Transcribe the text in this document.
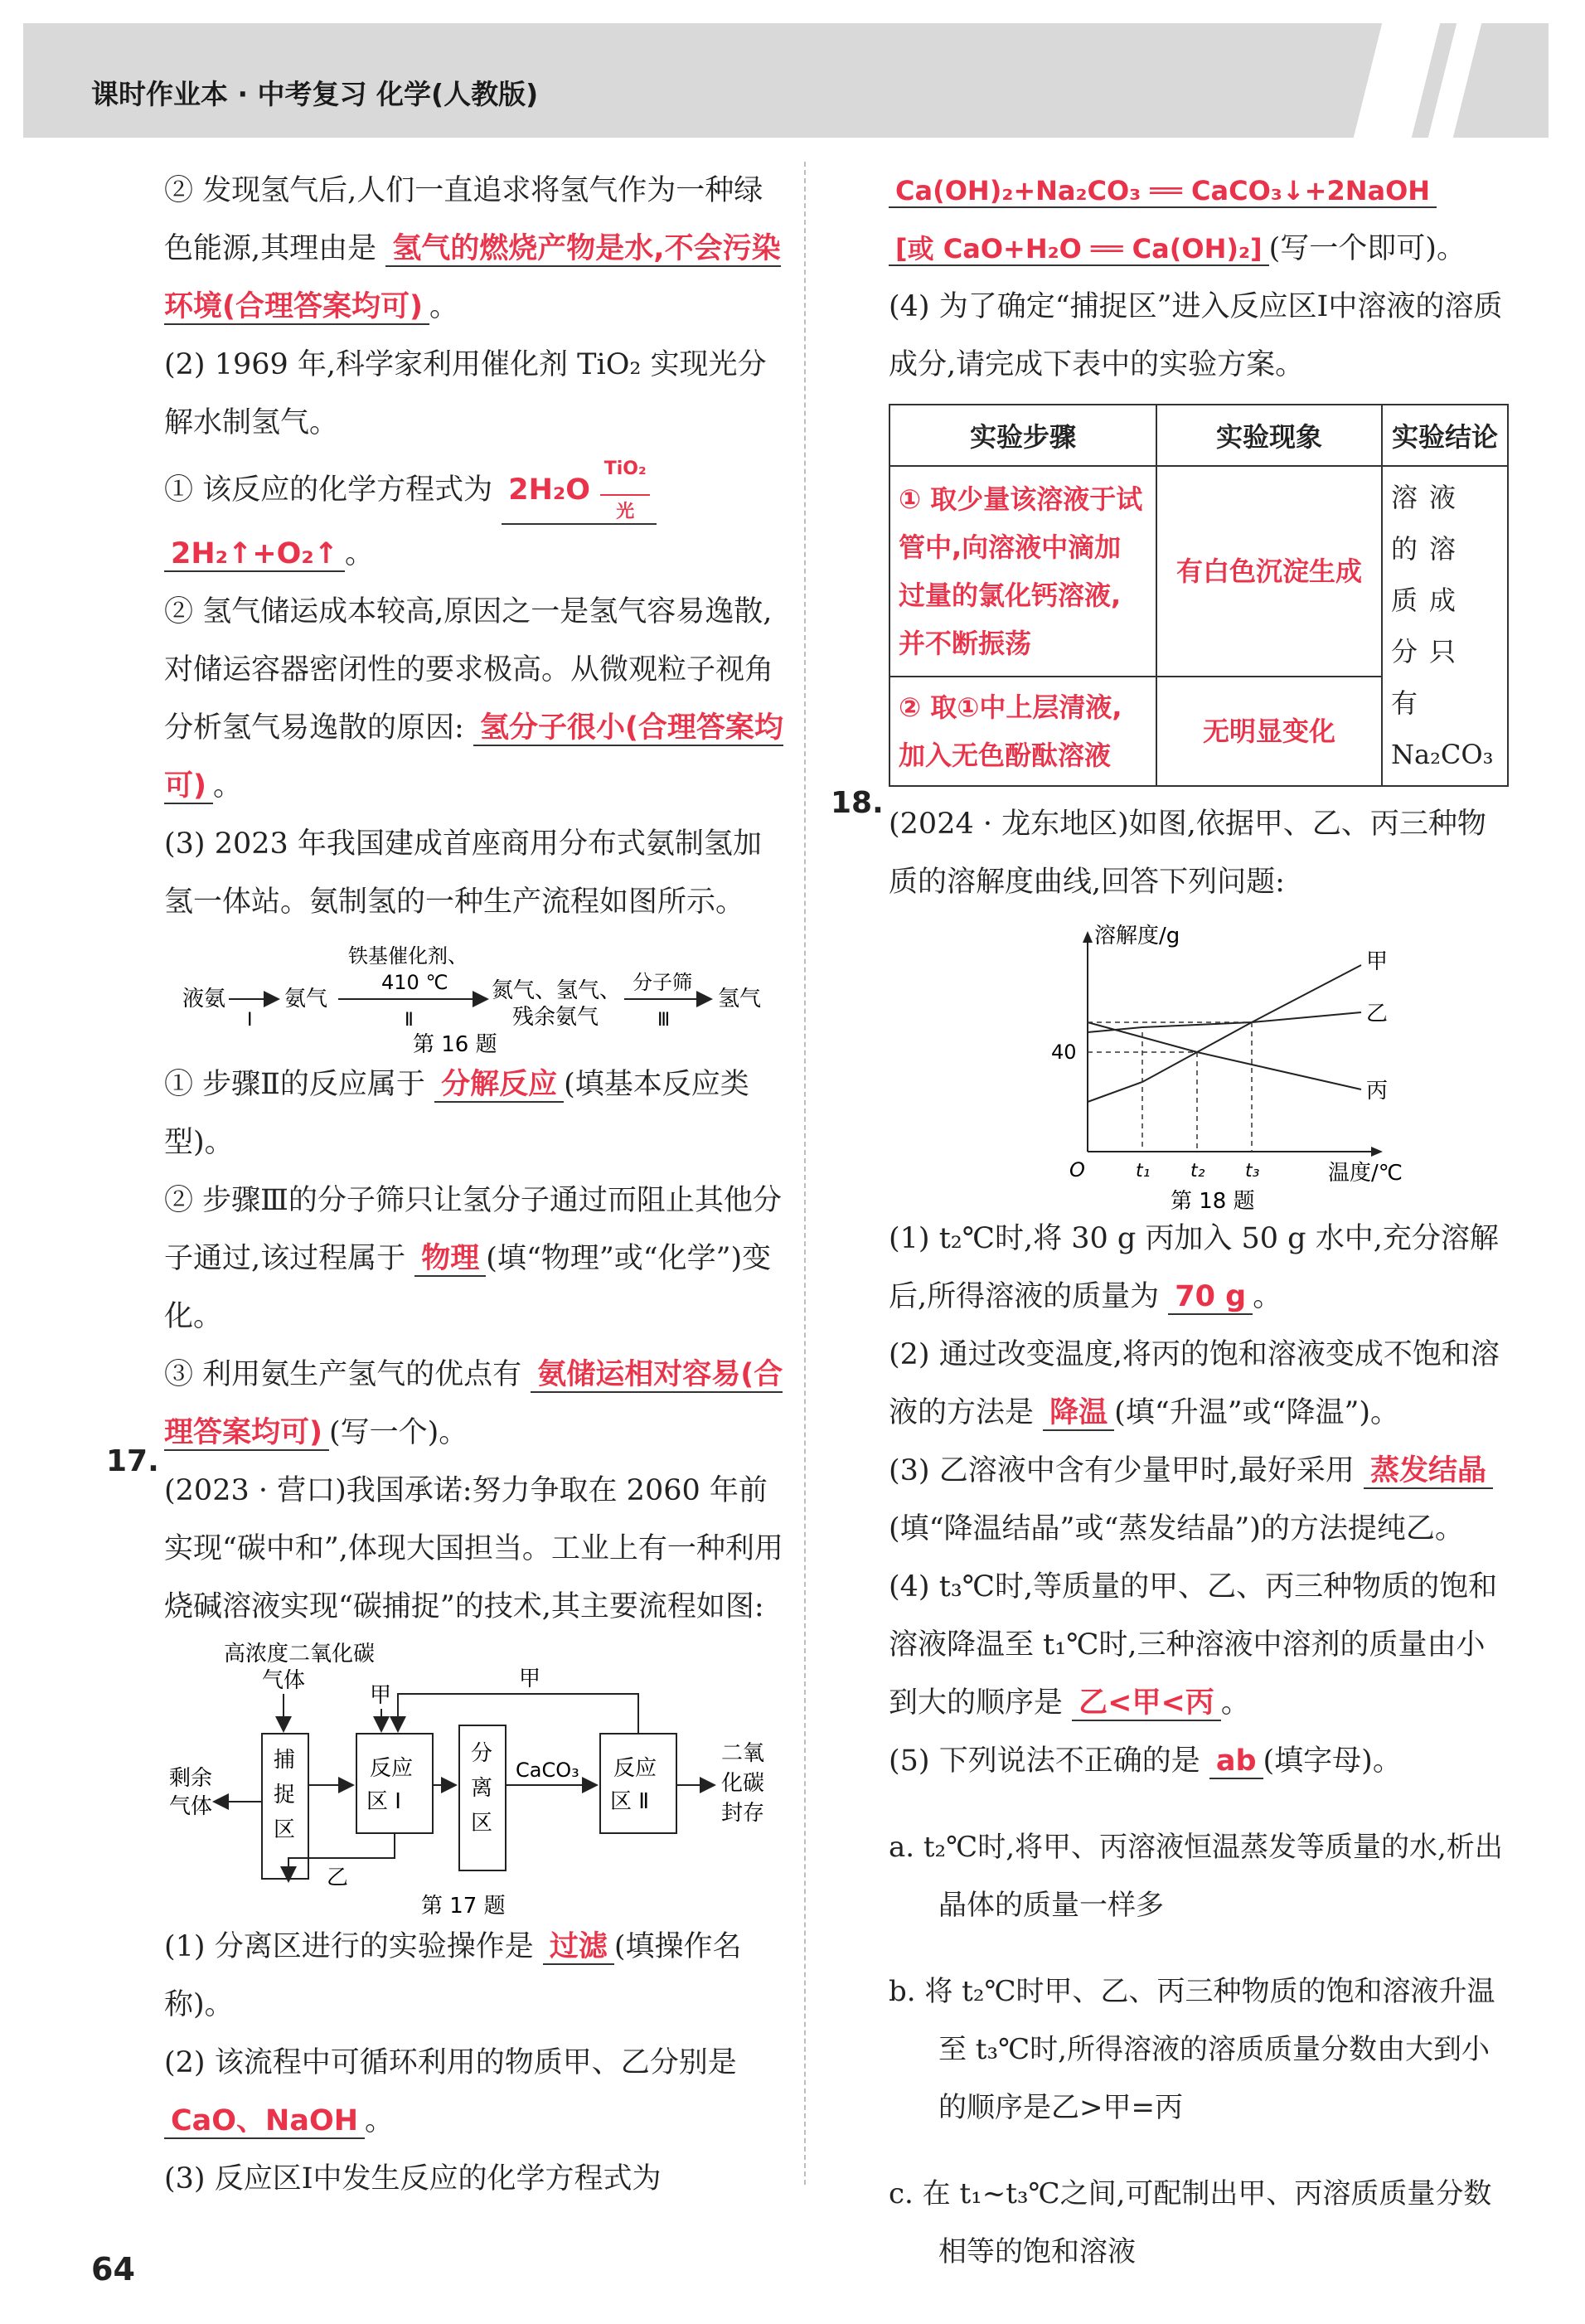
课时作业本 · 中考复习 化学(人教版)

② 发现氢气后,人们一直追求将氢气作为一种绿色能源,其理由是 氢气的燃烧产物是水,不会污染环境(合理答案均可) 。

(2) 1969 年,科学家利用催化剂 TiO₂ 实现光分解水制氢气。

① 该反应的化学方程式为 2H₂O TiO₂

光

2H₂↑+O₂↑ 。

② 氢气储运成本较高,原因之一是氢气容易逸散,对储运容器密闭性的要求极高。从微观粒子视角分析氢气易逸散的原因: 氢分子很小(合理答案均可) 。

(3) 2023 年我国建成首座商用分布式氨制氢加氢一体站。氨制氢的一种生产流程如图所示。

液氨
Ⅰ
氨气
铁基催化剂、
410 ℃
Ⅱ
氮气、氢气、
残余氨气
分子筛
Ⅲ
氢气
第 16 题

① 步骤Ⅱ的反应属于 分解反应 (填基本反应类型)。

② 步骤Ⅲ的分子筛只让氢分子通过而阻止其他分子通过,该过程属于 物理 (填“物理”或“化学”)变化。

③ 利用氨生产氢气的优点有 氨储运相对容易(合理答案均可) (写一个)。

(2023 · 营口)我国承诺:努力争取在 2060 年前实现“碳中和”,体现大国担当。工业上有一种利用烧碱溶液实现“碳捕捉”的技术,其主要流程如图:

高浓度二氧化碳
气体
甲
捕
捉
区
反应
区 Ⅰ
分
离
区
反应
区 Ⅱ
CaCO₃
剩余
气体
二氧
化碳
封存
甲
乙
第 17 题

(1) 分离区进行的实验操作是 过滤 (填操作名称)。

(2) 该流程中可循环利用的物质甲、乙分别是 CaO、NaOH 。

(3) 反应区Ⅰ中发生反应的化学方程式为

17.

Ca(OH)₂+Na₂CO₃ ══ CaCO₃↓+2NaOH

[或 CaO+H₂O ══ Ca(OH)₂] (写一个即可)。

(4) 为了确定“捕捉区”进入反应区Ⅰ中溶液的溶质成分,请完成下表中的实验方案。

实验步骤	实验现象	实验结论
① 取少量该溶液于试管中,向溶液中滴加过量的氯化钙溶液,并不断振荡	有白色沉淀生成	溶液的溶质成分只有
Na₂CO₃
② 取①中上层清液,加入无色酚酞溶液	无明显变化	

(2024 · 龙东地区)如图,依据甲、乙、丙三种物质的溶解度曲线,回答下列问题:

溶解度/g
温度/℃
O
40
甲
乙
丙
t₁ t₂ t₃
第 18 题

(1) t₂℃时,将 30 g 丙加入 50 g 水中,充分溶解后,所得溶液的质量为 70 g 。

(2) 通过改变温度,将丙的饱和溶液变成不饱和溶液的方法是 降温 (填“升温”或“降温”)。

(3) 乙溶液中含有少量甲时,最好采用 蒸发结晶(填“降温结晶”或“蒸发结晶”)的方法提纯乙。

(4) t₃℃时,等质量的甲、乙、丙三种物质的饱和溶液降温至 t₁℃时,三种溶液中溶剂的质量由小到大的顺序是 乙<甲<丙 。

(5) 下列说法不正确的是 ab (填字母)。

a. t₂℃时,将甲、丙溶液恒温蒸发等质量的水,析出晶体的质量一样多

b. 将 t₂℃时甲、乙、丙三种物质的饱和溶液升温至 t₃℃时,所得溶液的溶质质量分数由大到小的顺序是乙>甲=丙

c. 在 t₁~t₃℃之间,可配制出甲、丙溶质质量分数相等的饱和溶液

18.
64
